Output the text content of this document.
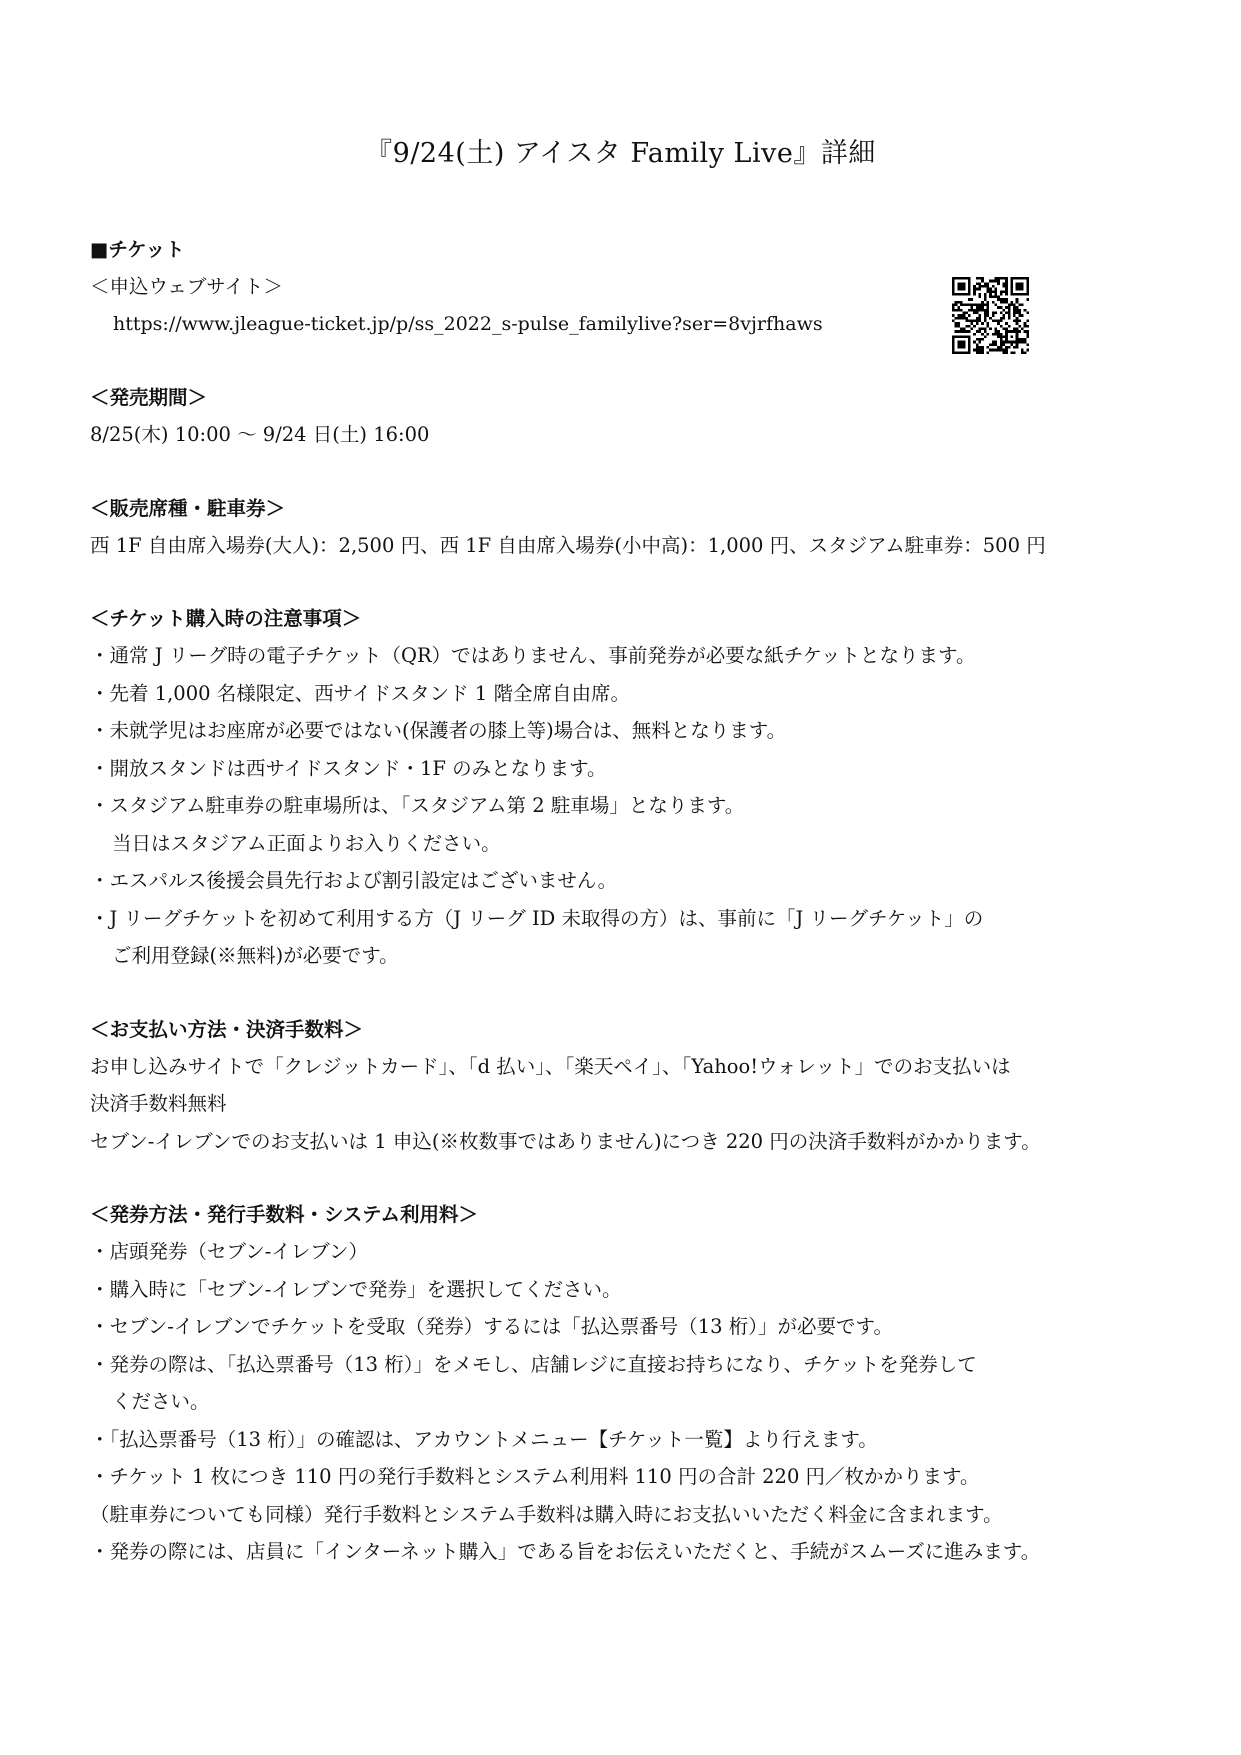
『9/24(土) アイスタ Family Live』詳細
■チケット
＜申込ウェブサイト＞
https://www.jleague-ticket.jp/p/ss_2022_s-pulse_familylive?ser=8vjrfhaws
＜発売期間＞
8/25(木) 10:00 ～ 9/24 日(土) 16:00
＜販売席種・駐車券＞
西 1F 自由席入場券(大人)：2,500 円、西 1F 自由席入場券(小中高)：1,000 円、スタジアム駐車券：500 円
＜チケット購入時の注意事項＞
・通常 J リーグ時の電子チケット（QR）ではありません、事前発券が必要な紙チケットとなります。
・先着 1,000 名様限定、西サイドスタンド 1 階全席自由席。
・未就学児はお座席が必要ではない(保護者の膝上等)場合は、無料となります。
・開放スタンドは西サイドスタンド・1F のみとなります。
・スタジアム駐車券の駐車場所は、「スタジアム第 2 駐車場」となります。
当日はスタジアム正面よりお入りください。
・エスパルス後援会員先行および割引設定はございません。
・J リーグチケットを初めて利用する方（J リーグ ID 未取得の方）は、事前に「J リーグチケット」の
ご利用登録(※無料)が必要です。
＜お支払い方法・決済手数料＞
お申し込みサイトで「クレジットカード」、「d 払い」、「楽天ペイ」、「Yahoo!ウォレット」でのお支払いは
決済手数料無料
セブン-イレブンでのお支払いは 1 申込(※枚数事ではありません)につき 220 円の決済手数料がかかります。
＜発券方法・発行手数料・システム利用料＞
・店頭発券（セブン-イレブン）
・購入時に「セブン-イレブンで発券」を選択してください。
・セブン-イレブンでチケットを受取（発券）するには「払込票番号（13 桁）」が必要です。
・発券の際は、「払込票番号（13 桁）」をメモし、店舗レジに直接お持ちになり、チケットを発券して
ください。
・「払込票番号（13 桁）」の確認は、アカウントメニュー【チケット一覧】より行えます。
・チケット 1 枚につき 110 円の発行手数料とシステム利用料 110 円の合計 220 円／枚かかります。
（駐車券についても同様）発行手数料とシステム手数料は購入時にお支払いいただく料金に含まれます。
・発券の際には、店員に「インターネット購入」である旨をお伝えいただくと、手続がスムーズに進みます。
